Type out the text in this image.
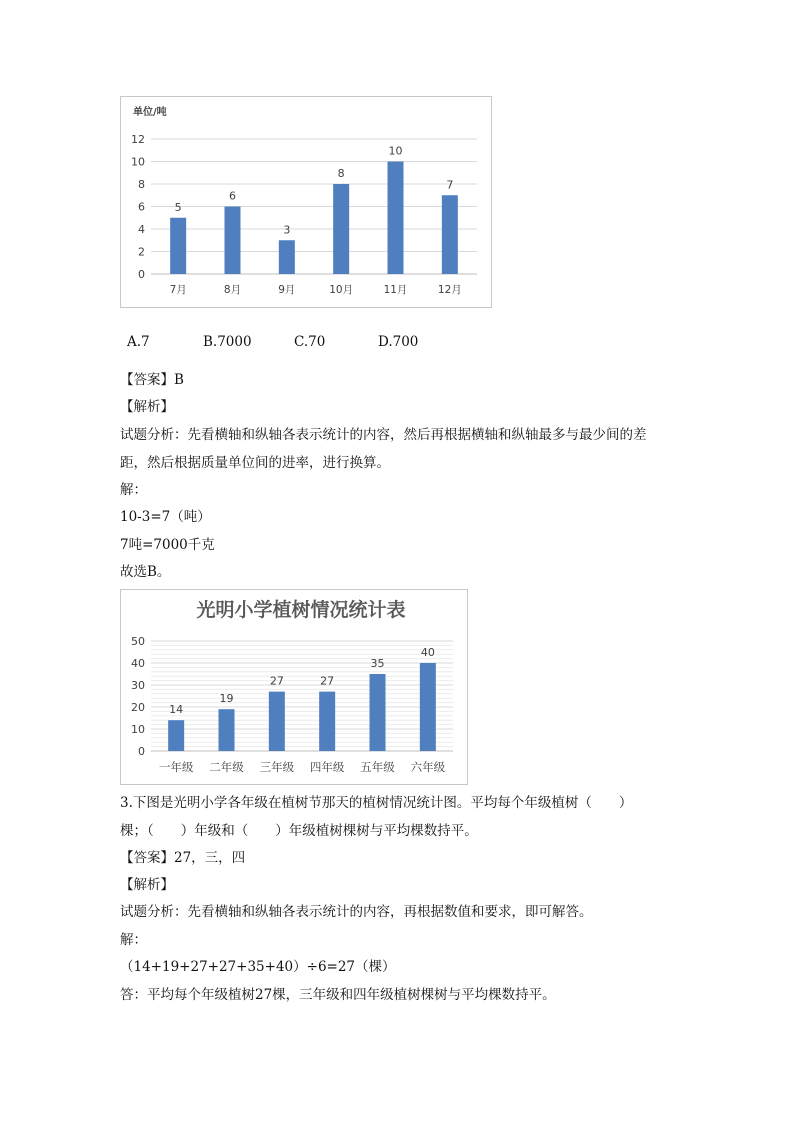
单位/吨
0
2
4
6
8
10
12
5
7月
6
8月
3
9月
8
10月
10
11月
7
12月
A.7	B.7000	C.70	D.700
【答案】B
【解析】
试题分析：先看横轴和纵轴各表示统计的内容，然后再根据横轴和纵轴最多与最少间的差
距，然后根据质量单位间的进率，进行换算。
解：
10-3=7（吨）
7吨=7000千克
故选B。
光明小学植树情况统计表
0
10
20
30
40
50
14
一年级
19
二年级
27
三年级
27
四年级
35
五年级
40
六年级
3.下图是光明小学各年级在植树节那天的植树情况统计图。平均每个年级植树（　　）
棵；（　　）年级和（　　）年级植树棵树与平均棵数持平。
【答案】27，三，四
【解析】
试题分析：先看横轴和纵轴各表示统计的内容，再根据数值和要求，即可解答。
解：
（14+19+27+27+35+40）÷6=27（棵）
答：平均每个年级植树27棵，三年级和四年级植树棵树与平均棵数持平。
